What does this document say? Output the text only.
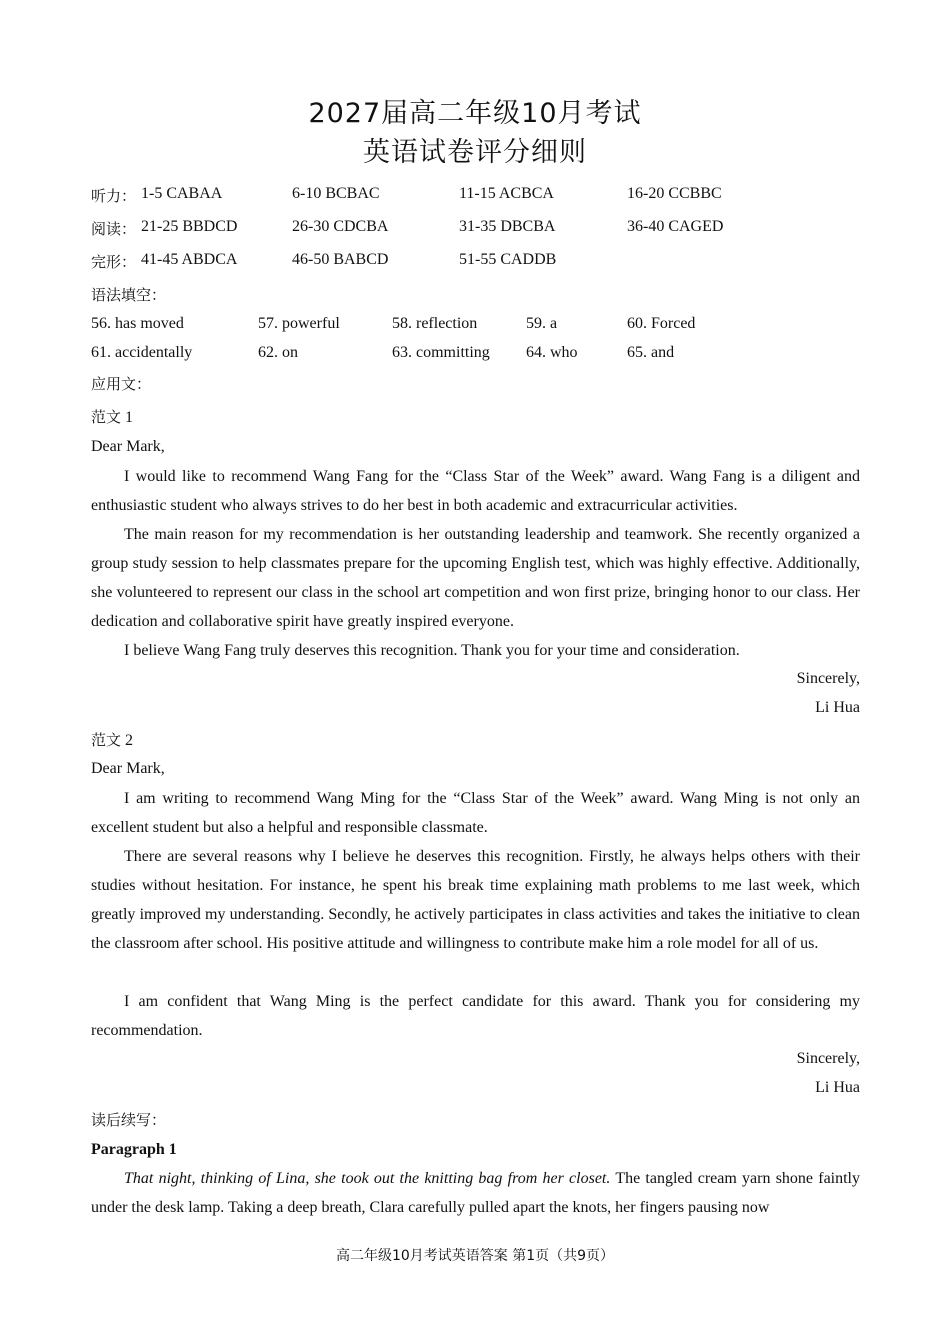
2027届高二年级10月考试
英语试卷评分细则
听力： 1-5 CABAA	6-10 BCBAC	11-15 ACBCA	16-20 CCBBC
阅读： 21-25 BBDCD	26-30 CDCBA	31-35 DBCBA	36-40 CAGED
完形： 41-45 ABDCA	46-50 BABCD	51-55 CADDB
语法填空：
56. has moved	57. powerful	58. reflection	59. a	60. Forced
61. accidentally	62. on	63. committing 64. who	65. and
应用文：
范文 1
Dear Mark,

I would like to recommend Wang Fang for the “Class Star of the Week” award. Wang Fang is a diligent and enthusiastic student who always strives to do her best in both academic and extracurricular activities.

The main reason for my recommendation is her outstanding leadership and teamwork. She recently organized a group study session to help classmates prepare for the upcoming English test, which was highly effective. Additionally, she volunteered to represent our class in the school art competition and won first prize, bringing honor to our class. Her dedication and collaborative spirit have greatly inspired everyone.

I believe Wang Fang truly deserves this recognition. Thank you for your time and consideration.

Sincerely,
Li Hua
范文 2
Dear Mark,

I am writing to recommend Wang Ming for the “Class Star of the Week” award. Wang Ming is not only an excellent student but also a helpful and responsible classmate.

There are several reasons why I believe he deserves this recognition. Firstly, he always helps others with their studies without hesitation. For instance, he spent his break time explaining math problems to me last week, which greatly improved my understanding. Secondly, he actively participates in class activities and takes the initiative to clean the classroom after school. His positive attitude and willingness to contribute make him a role model for all of us.

I am confident that Wang Ming is the perfect candidate for this award. Thank you for considering my recommendation.

Sincerely,
Li Hua
读后续写：
Paragraph 1

That night, thinking of Lina, she took out the knitting bag from her closet. The tangled cream yarn shone faintly under the desk lamp. Taking a deep breath, Clara carefully pulled apart the knots, her fingers pausing now

高二年级10月考试英语答案 第1页（共9页）
